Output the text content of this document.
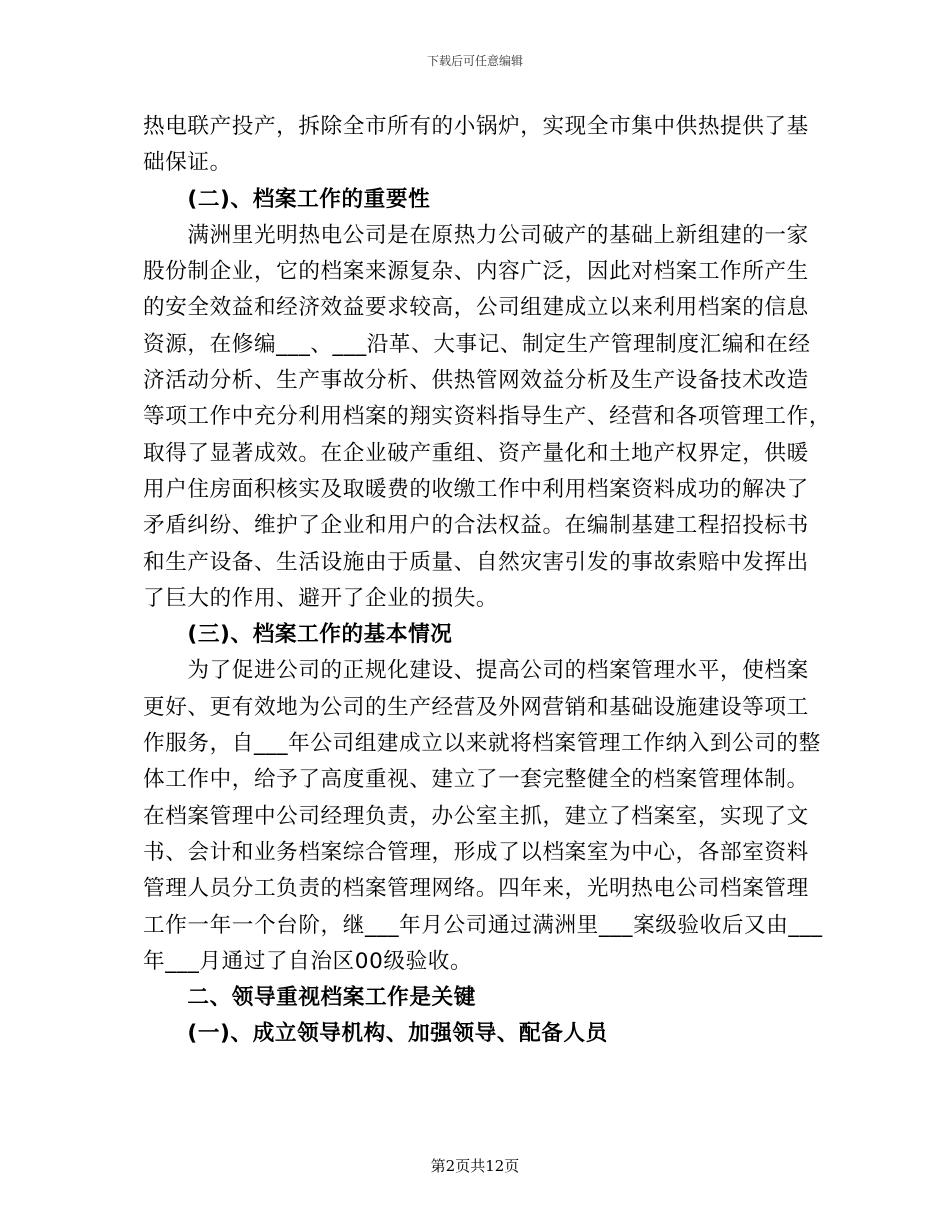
下载后可任意编辑
热电联产投产，拆除全市所有的小锅炉，实现全市集中供热提供了基
础保证。
(二)、档案工作的重要性
满洲里光明热电公司是在原热力公司破产的基础上新组建的一家
股份制企业，它的档案来源复杂、内容广泛，因此对档案工作所产生
的安全效益和经济效益要求较高，公司组建成立以来利用档案的信息
资源，在修编___、___沿革、大事记、制定生产管理制度汇编和在经
济活动分析、生产事故分析、供热管网效益分析及生产设备技术改造
等项工作中充分利用档案的翔实资料指导生产、经营和各项管理工作，
取得了显著成效。在企业破产重组、资产量化和土地产权界定，供暖
用户住房面积核实及取暖费的收缴工作中利用档案资料成功的解决了
矛盾纠纷、维护了企业和用户的合法权益。在编制基建工程招投标书
和生产设备、生活设施由于质量、自然灾害引发的事故索赔中发挥出
了巨大的作用、避开了企业的损失。
(三)、档案工作的基本情况
为了促进公司的正规化建设、提高公司的档案管理水平，使档案
更好、更有效地为公司的生产经营及外网营销和基础设施建设等项工
作服务，自___年公司组建成立以来就将档案管理工作纳入到公司的整
体工作中，给予了高度重视、建立了一套完整健全的档案管理体制。
在档案管理中公司经理负责，办公室主抓，建立了档案室，实现了文
书、会计和业务档案综合管理，形成了以档案室为中心，各部室资料
管理人员分工负责的档案管理网络。四年来，光明热电公司档案管理
工作一年一个台阶，继___年月公司通过满洲里___案级验收后又由___
年___月通过了自治区00级验收。
二、领导重视档案工作是关键
(一)、成立领导机构、加强领导、配备人员
第2页共12页
